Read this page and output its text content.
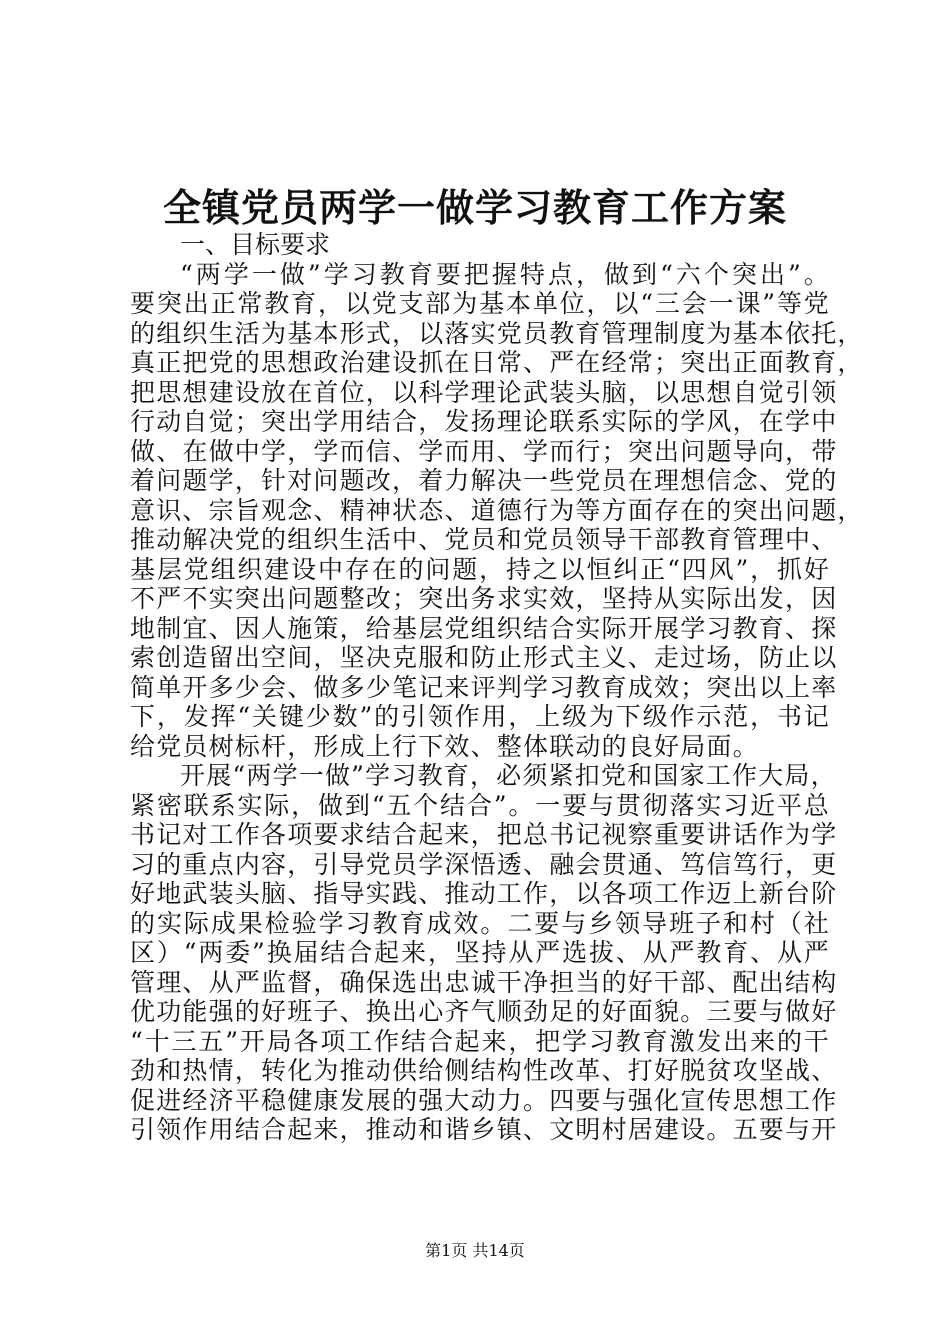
全镇党员两学一做学习教育工作方案
一、目标要求
“两学一做”学习教育要把握特点，做到“六个突出”。
要突出正常教育，以党支部为基本单位，以“三会一课”等党
的组织生活为基本形式，以落实党员教育管理制度为基本依托，
真正把党的思想政治建设抓在日常、严在经常；突出正面教育，
把思想建设放在首位，以科学理论武装头脑，以思想自觉引领
行动自觉；突出学用结合，发扬理论联系实际的学风，在学中
做、在做中学，学而信、学而用、学而行；突出问题导向，带
着问题学，针对问题改，着力解决一些党员在理想信念、党的
意识、宗旨观念、精神状态、道德行为等方面存在的突出问题，
推动解决党的组织生活中、党员和党员领导干部教育管理中、
基层党组织建设中存在的问题，持之以恒纠正“四风”，抓好
不严不实突出问题整改；突出务求实效，坚持从实际出发，因
地制宜、因人施策，给基层党组织结合实际开展学习教育、探
索创造留出空间，坚决克服和防止形式主义、走过场，防止以
简单开多少会、做多少笔记来评判学习教育成效；突出以上率
下，发挥“关键少数”的引领作用，上级为下级作示范，书记
给党员树标杆，形成上行下效、整体联动的良好局面。
开展“两学一做”学习教育，必须紧扣党和国家工作大局，
紧密联系实际，做到“五个结合”。一要与贯彻落实习近平总
书记对工作各项要求结合起来，把总书记视察重要讲话作为学
习的重点内容，引导党员学深悟透、融会贯通、笃信笃行，更
好地武装头脑、指导实践、推动工作，以各项工作迈上新台阶
的实际成果检验学习教育成效。二要与乡领导班子和村（社
区）“两委”换届结合起来，坚持从严选拔、从严教育、从严
管理、从严监督，确保选出忠诚干净担当的好干部、配出结构
优功能强的好班子、换出心齐气顺劲足的好面貌。三要与做好
“十三五”开局各项工作结合起来，把学习教育激发出来的干
劲和热情，转化为推动供给侧结构性改革、打好脱贫攻坚战、
促进经济平稳健康发展的强大动力。四要与强化宣传思想工作
引领作用结合起来，推动和谐乡镇、文明村居建设。五要与开
第1页 共14页
